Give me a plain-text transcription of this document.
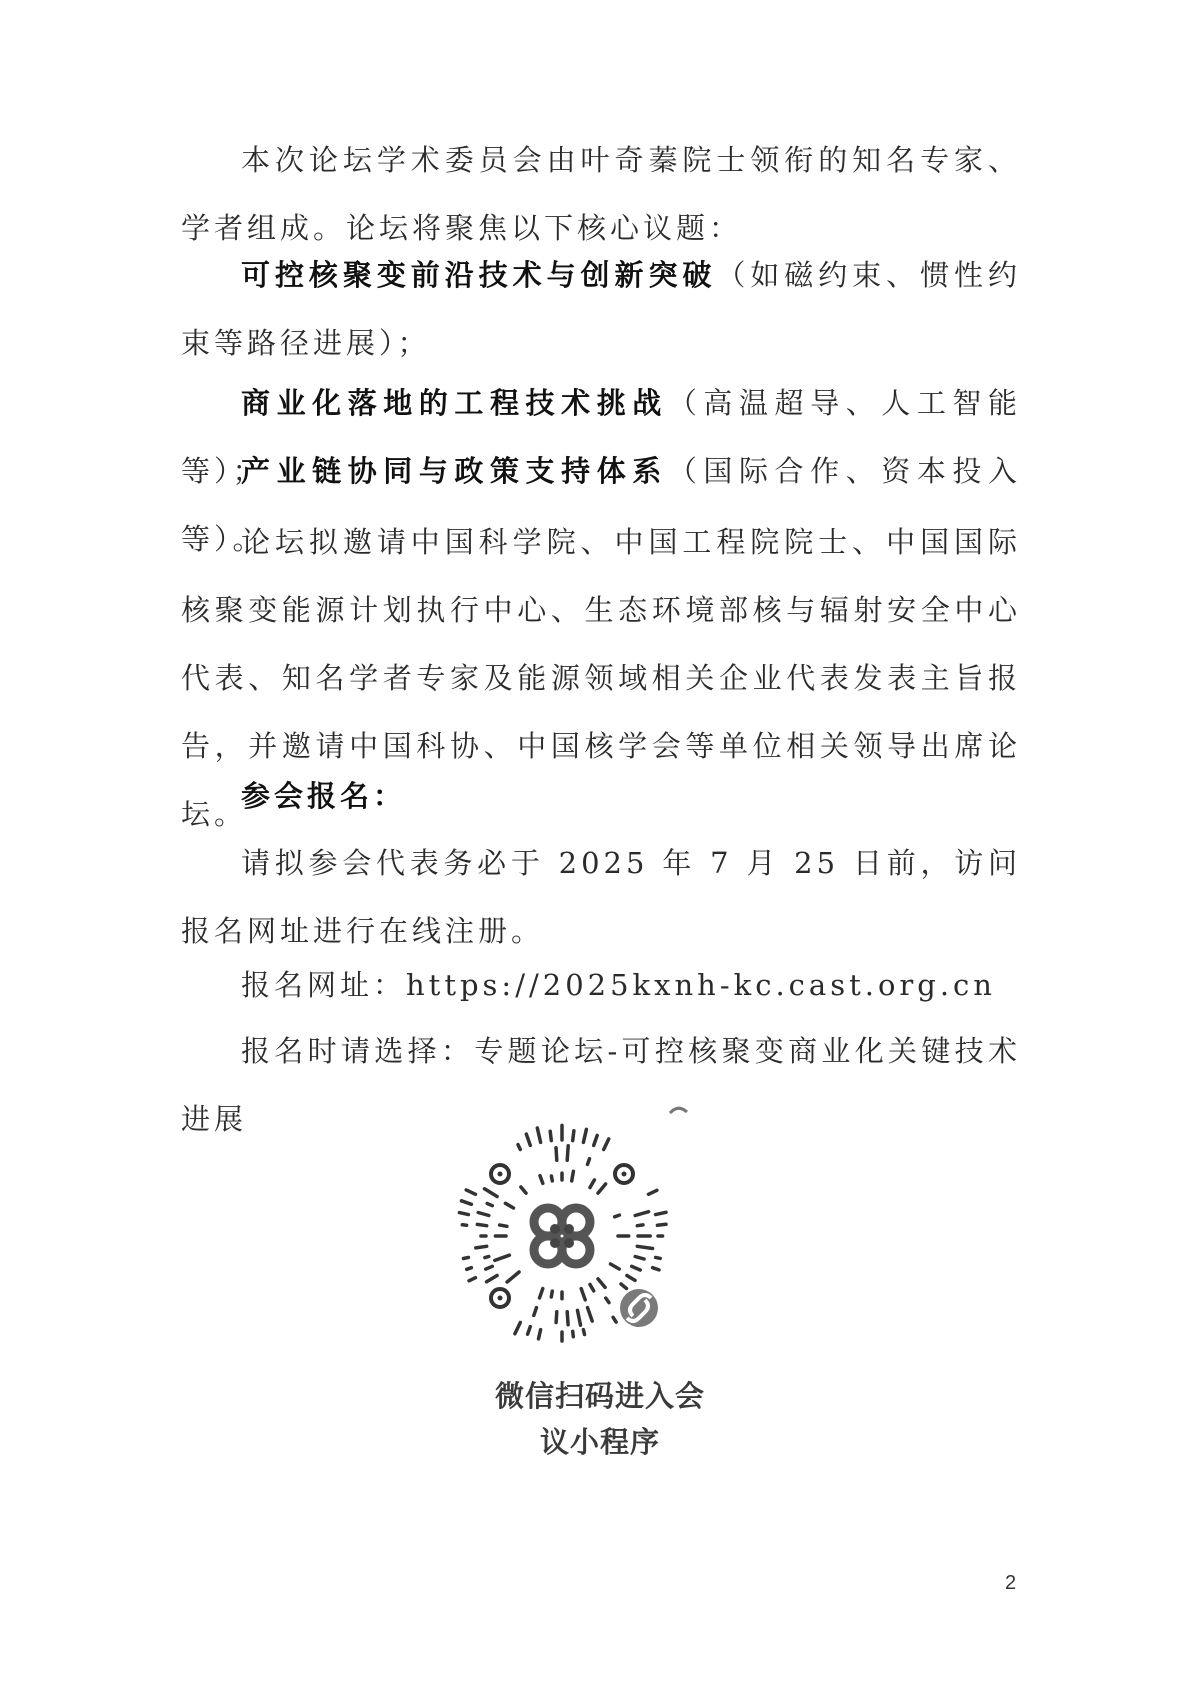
本次论坛学术委员会由叶奇蓁院士领衔的知名专家、学者组成。论坛将聚焦以下核心议题：

可控核聚变前沿技术与创新突破（如磁约束、惯性约束等路径进展）；

商业化落地的工程技术挑战（高温超导、人工智能等）；

产业链协同与政策支持体系（国际合作、资本投入等）。

论坛拟邀请中国科学院、中国工程院院士、中国国际核聚变能源计划执行中心、生态环境部核与辐射安全中心代表、知名学者专家及能源领域相关企业代表发表主旨报告，并邀请中国科协、中国核学会等单位相关领导出席论坛。

参会报名：

请拟参会代表务必于 2025 年 7 月 25 日前，访问报名网址进行在线注册。

报名网址：https://2025kxnh-kc.cast.org.cn

报名时请选择：专题论坛-可控核聚变商业化关键技术进展

微信扫码进入会
议小程序
2
